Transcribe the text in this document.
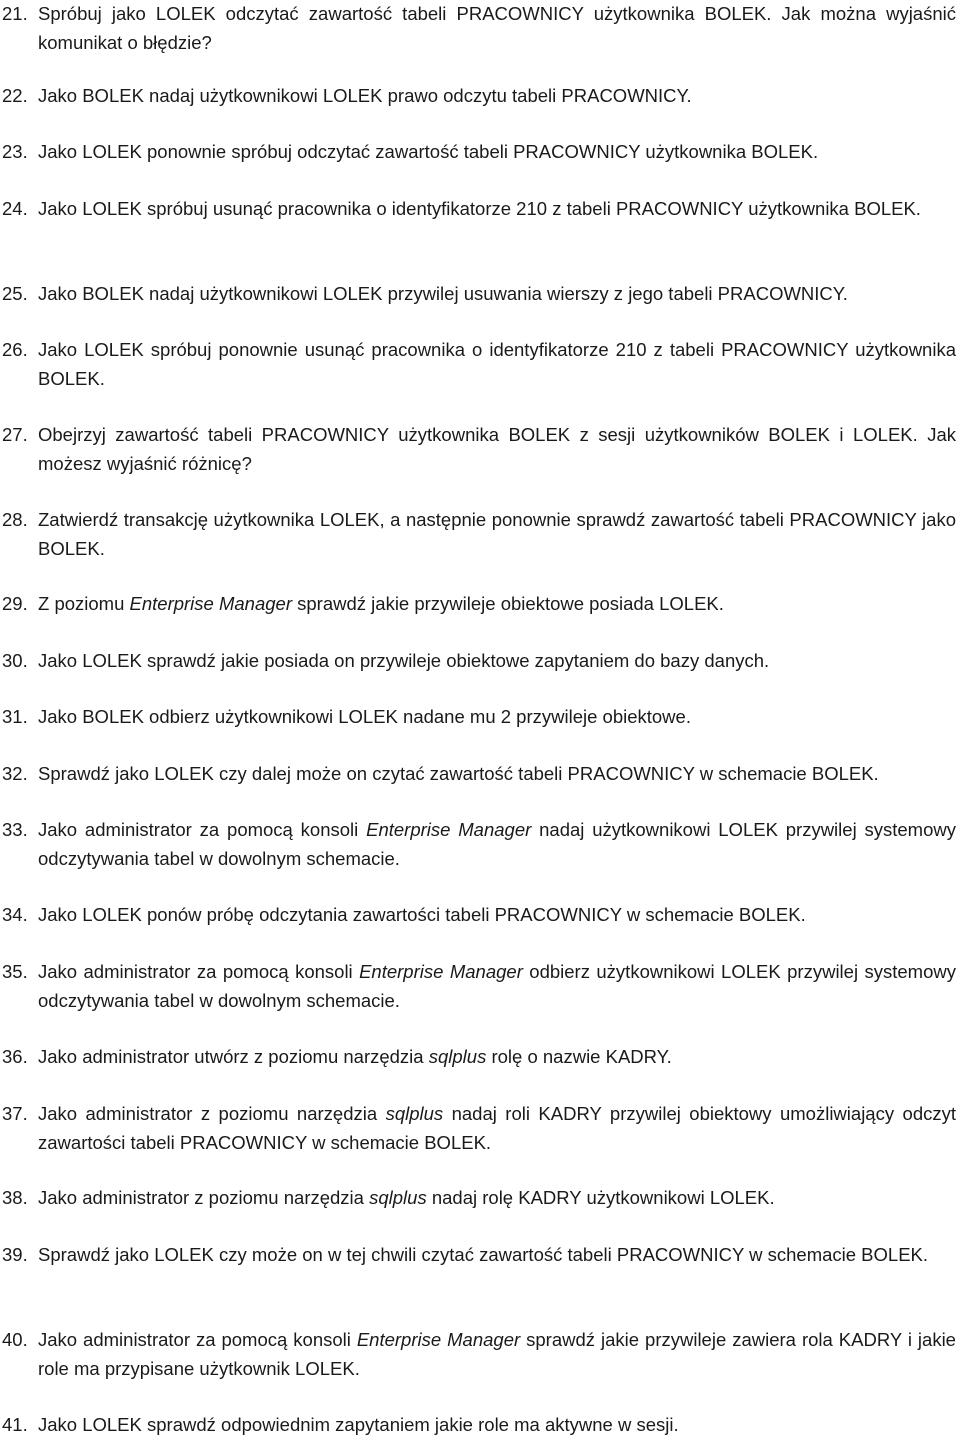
21. Spróbuj jako LOLEK odczytać zawartość tabeli PRACOWNICY użytkownika BOLEK. Jak można wyjaśnić komunikat o błędzie?
22. Jako BOLEK nadaj użytkownikowi LOLEK prawo odczytu tabeli PRACOWNICY.
23. Jako LOLEK ponownie spróbuj odczytać zawartość tabeli PRACOWNICY użytkownika BOLEK.
24. Jako LOLEK spróbuj usunąć pracownika o identyfikatorze 210 z tabeli PRACOWNICY użytkownika BOLEK.
25. Jako BOLEK nadaj użytkownikowi LOLEK przywilej usuwania wierszy z jego tabeli PRACOWNICY.
26. Jako LOLEK spróbuj ponownie usunąć pracownika o identyfikatorze 210 z tabeli PRACOWNICY użytkownika BOLEK.
27. Obejrzyj zawartość tabeli PRACOWNICY użytkownika BOLEK z sesji użytkowników BOLEK i LOLEK. Jak możesz wyjaśnić różnicę?
28. Zatwierdź transakcję użytkownika LOLEK, a następnie ponownie sprawdź zawartość tabeli PRACOWNICY jako BOLEK.
29. Z poziomu Enterprise Manager sprawdź jakie przywileje obiektowe posiada LOLEK.
30. Jako LOLEK sprawdź jakie posiada on przywileje obiektowe zapytaniem do bazy danych.
31. Jako BOLEK odbierz użytkownikowi LOLEK nadane mu 2 przywileje obiektowe.
32. Sprawdź jako LOLEK czy dalej może on czytać zawartość tabeli PRACOWNICY w schemacie BOLEK.
33. Jako administrator za pomocą konsoli Enterprise Manager nadaj użytkownikowi LOLEK przywilej systemowy odczytywania tabel w dowolnym schemacie.
34. Jako LOLEK ponów próbę odczytania zawartości tabeli PRACOWNICY w schemacie BOLEK.
35. Jako administrator za pomocą konsoli Enterprise Manager odbierz użytkownikowi LOLEK przywilej systemowy odczytywania tabel w dowolnym schemacie.
36. Jako administrator utwórz z poziomu narzędzia sqlplus rolę o nazwie KADRY.
37. Jako administrator z poziomu narzędzia sqlplus nadaj roli KADRY przywilej obiektowy umożliwiający odczyt zawartości tabeli PRACOWNICY w schemacie BOLEK.
38. Jako administrator z poziomu narzędzia sqlplus nadaj rolę KADRY użytkownikowi LOLEK.
39. Sprawdź jako LOLEK czy może on w tej chwili czytać zawartość tabeli PRACOWNICY w schemacie BOLEK.
40. Jako administrator za pomocą konsoli Enterprise Manager sprawdź jakie przywileje zawiera rola KADRY i jakie role ma przypisane użytkownik LOLEK.
41. Jako LOLEK sprawdź odpowiednim zapytaniem jakie role ma aktywne w sesji.
